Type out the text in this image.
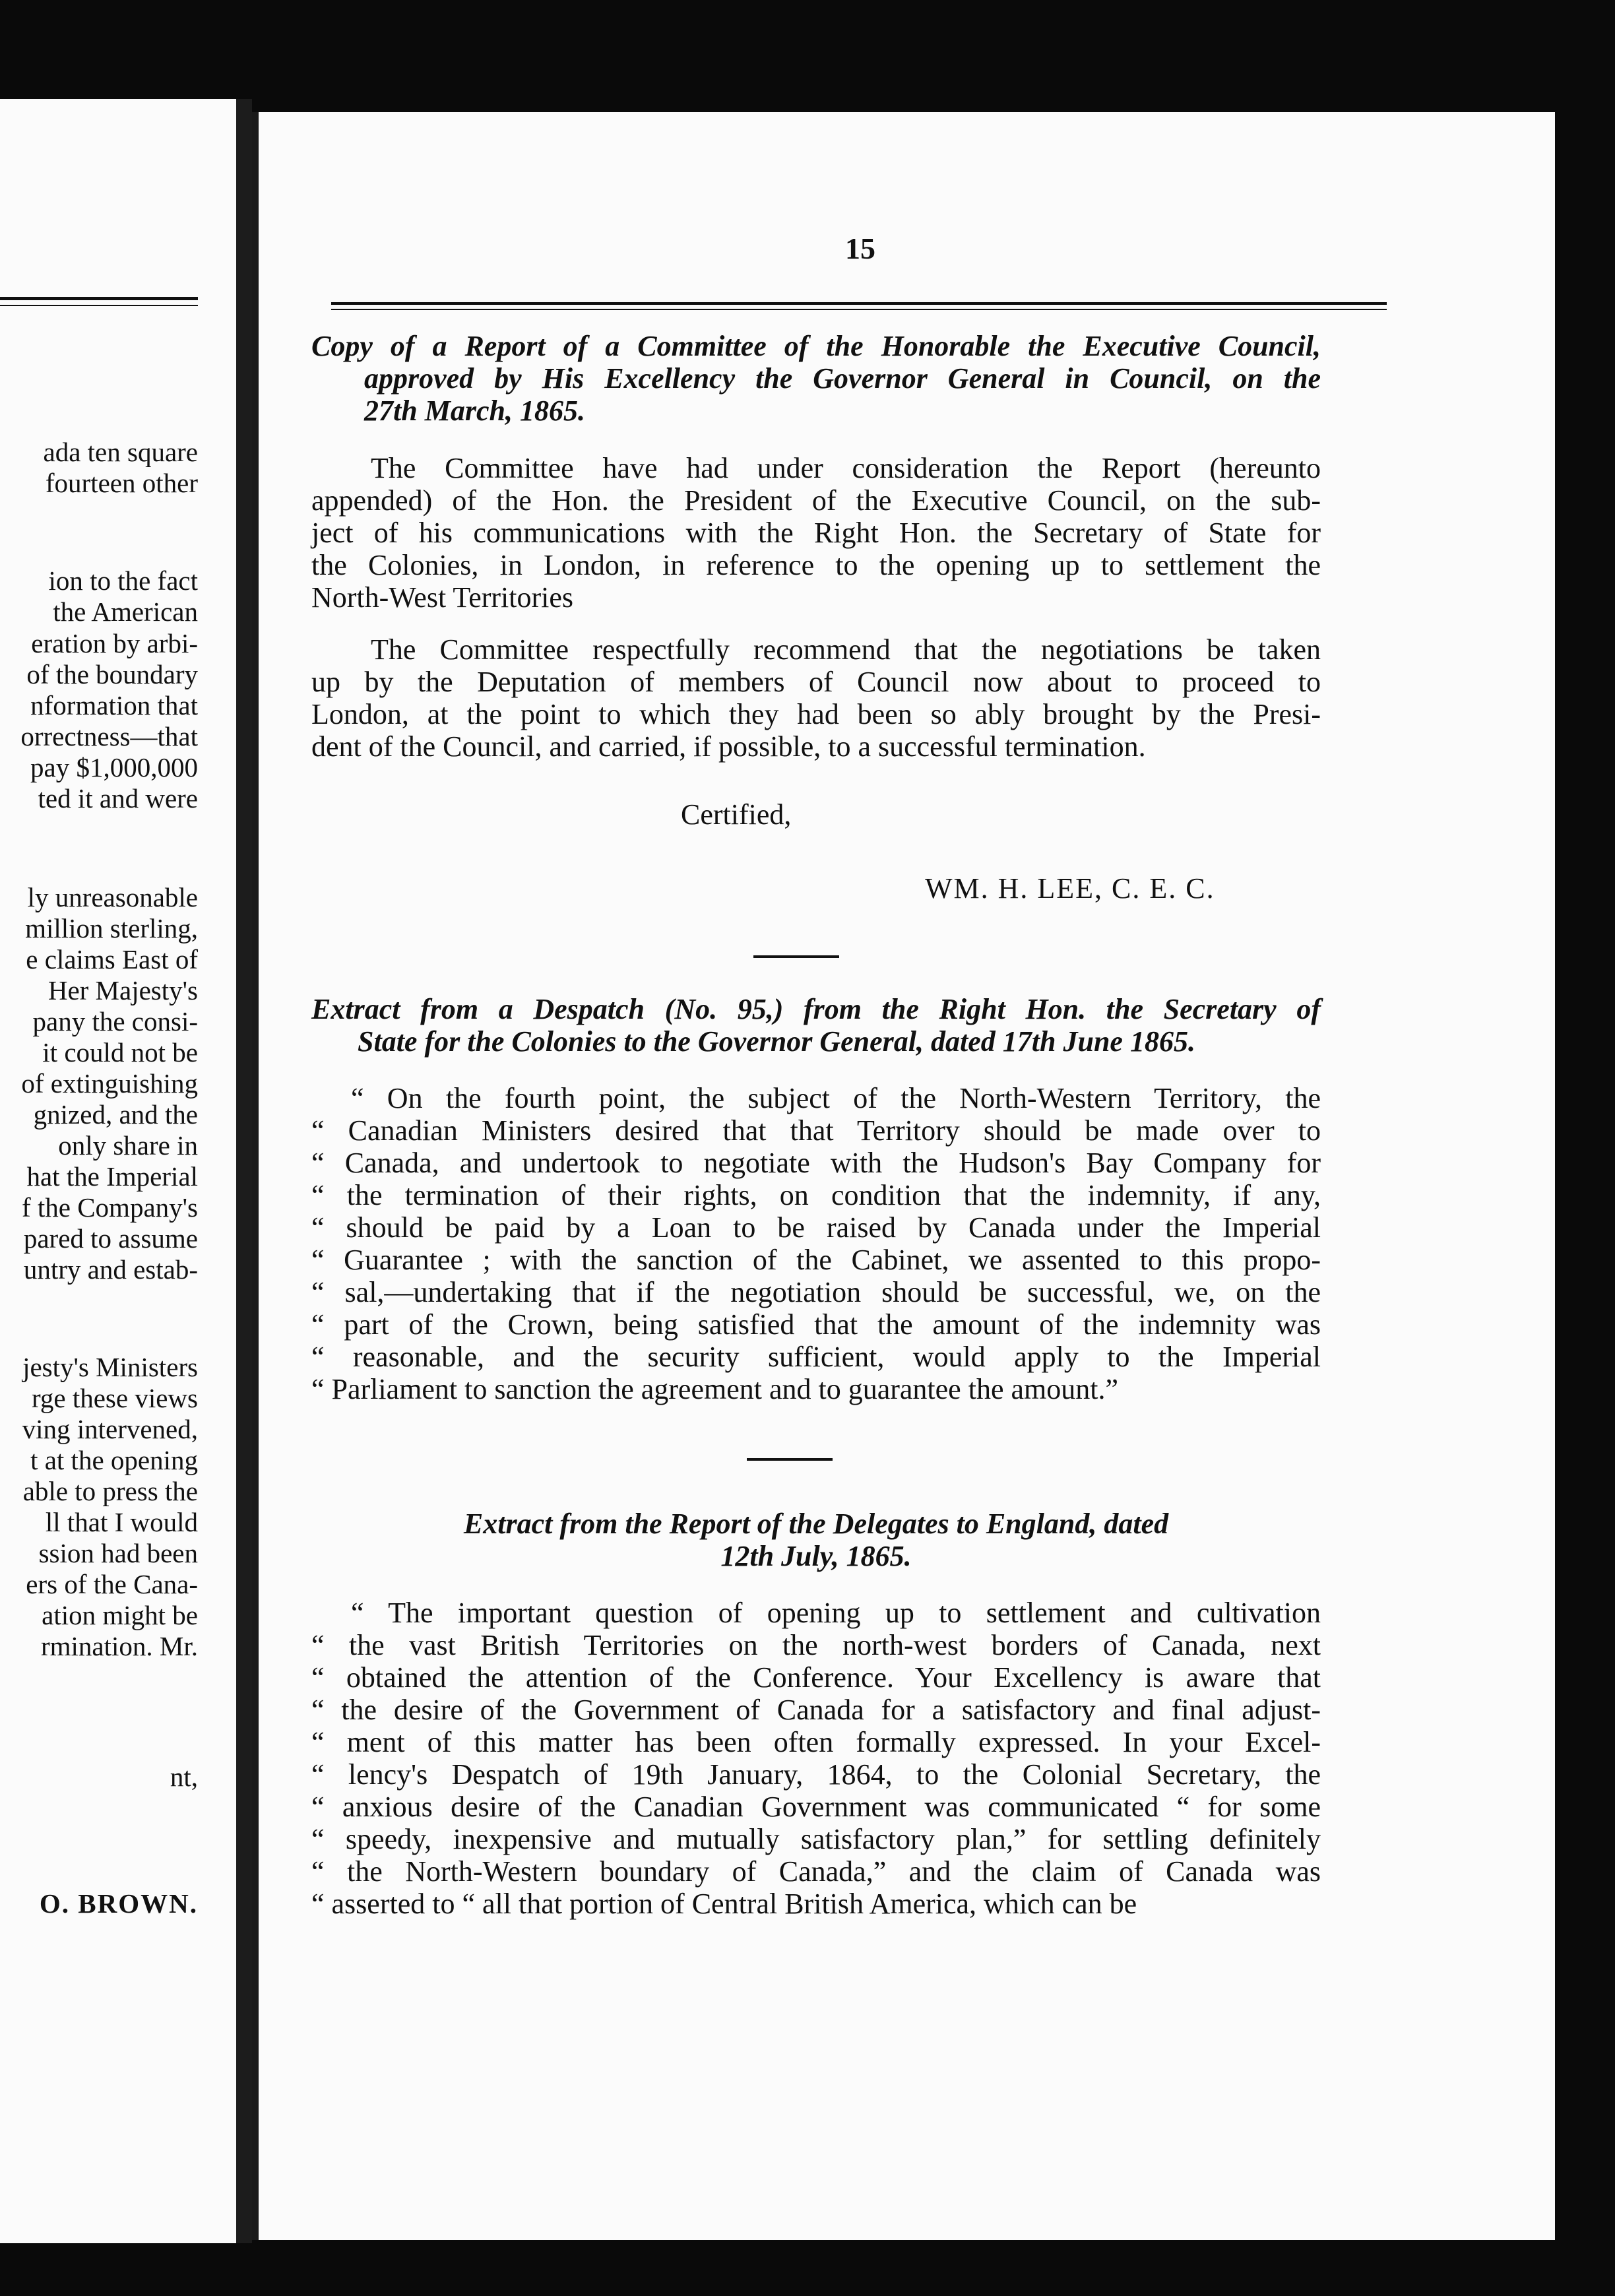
ada ten square
fourteen other
ion to the fact
the American
eration by arbi-
of the boundary
nformation that
orrectness—that
pay $1,000,000
ted it and were
ly unreasonable
million sterling,
e claims East of
Her Majesty's
pany the consi-
it could not be
of extinguishing
gnized, and the
only share in
hat the Imperial
f the Company's
pared to assume
untry and estab-
jesty's Ministers
rge these views
ving intervened,
t at the opening
able to press the
ll that I would
ssion had been
ers of the Cana-
ation might be
rmination. Mr.
nt,
O. BROWN.
15
Copy of a Report of a Committee of the Honorable the Executive Council,
approved by His Excellency the Governor General in Council, on the
27th March, 1865.
The Committee have had under consideration the Report (hereunto
appended) of the Hon. the President of the Executive Council, on the sub-
ject of his communications with the Right Hon. the Secretary of State for
the Colonies, in London, in reference to the opening up to settlement the
North-West Territories
The Committee respectfully recommend that the negotiations be taken
up by the Deputation of members of Council now about to proceed to
London, at the point to which they had been so ably brought by the Presi-
dent of the Council, and carried, if possible, to a successful termination.
Certified,
WM. H. LEE, C. E. C.
Extract from a Despatch (No. 95,) from the Right Hon. the Secretary of
State for the Colonies to the Governor General, dated 17th June 1865.
“ On the fourth point, the subject of the North-Western Territory, the
“ Canadian Ministers desired that that Territory should be made over to
“ Canada, and undertook to negotiate with the Hudson's Bay Company for
“ the termination of their rights, on condition that the indemnity, if any,
“ should be paid by a Loan to be raised by Canada under the Imperial
“ Guarantee ; with the sanction of the Cabinet, we assented to this propo-
“ sal,—undertaking that if the negotiation should be successful, we, on the
“ part of the Crown, being satisfied that the amount of the indemnity was
“ reasonable, and the security sufficient, would apply to the Imperial
“ Parliament to sanction the agreement and to guarantee the amount.”
Extract from the Report of the Delegates to England, dated
12th July, 1865.
“ The important question of opening up to settlement and cultivation
“ the vast British Territories on the north-west borders of Canada, next
“ obtained the attention of the Conference. Your Excellency is aware that
“ the desire of the Government of Canada for a satisfactory and final adjust-
“ ment of this matter has been often formally expressed. In your Excel-
“ lency's Despatch of 19th January, 1864, to the Colonial Secretary, the
“ anxious desire of the Canadian Government was communicated “ for some
“ speedy, inexpensive and mutually satisfactory plan,” for settling definitely
“ the North-Western boundary of Canada,” and the claim of Canada was
“ asserted to “ all that portion of Central British America, which can be
